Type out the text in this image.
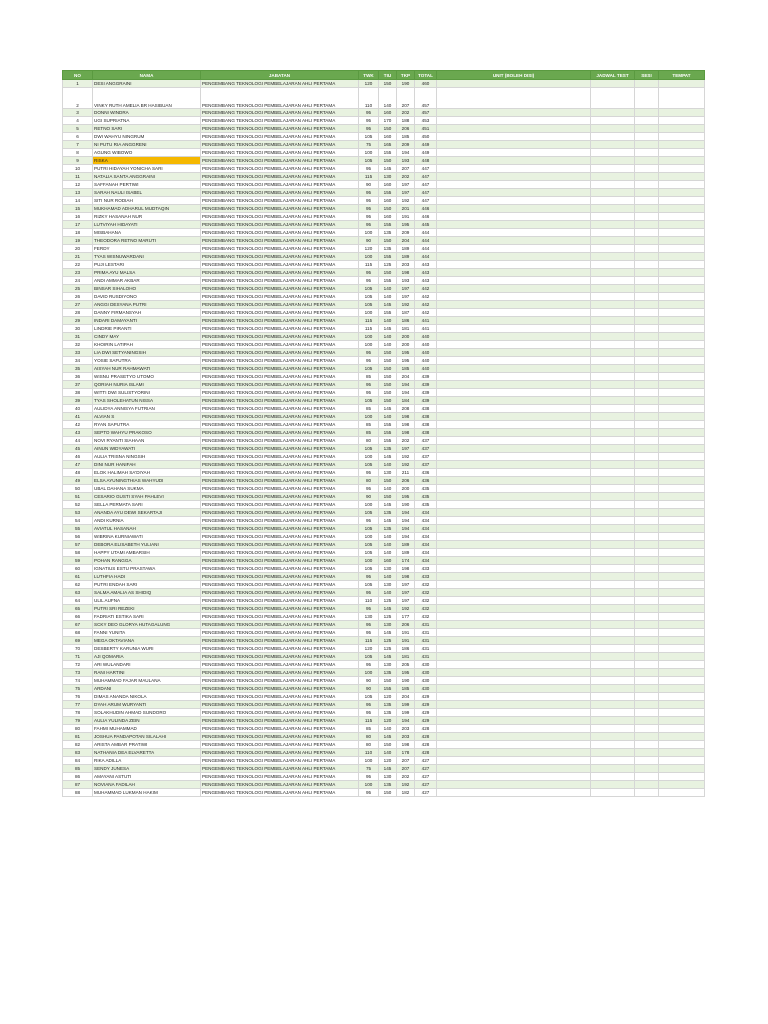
NO	NAMA	JABATAN	TWK	TIU	TKP	TOTAL	UNIT (BOLEH DISI)	JADWAL TEST	SESI	TEMPAT
1	DESI ANGGRAINI	PENGEMBANG TEKNOLOGI PEMBELAJARAN AHLI PERTAMA	120	150	190	460				
2	VINKY RUTH AMELIA BR HASIBUAN	PENGEMBANG TEKNOLOGI PEMBELAJARAN AHLI PERTAMA	110	140	207	457				
3	DONNI WINDRA	PENGEMBANG TEKNOLOGI PEMBELAJARAN AHLI PERTAMA	95	160	202	457				
4	UGI SUPRIATNA	PENGEMBANG TEKNOLOGI PEMBELAJARAN AHLI PERTAMA	95	170	188	453				
5	RETNO SARI	PENGEMBANG TEKNOLOGI PEMBELAJARAN AHLI PERTAMA	95	150	206	451				
6	DWI WAHYU NINGRUM	PENGEMBANG TEKNOLOGI PEMBELAJARAN AHLI PERTAMA	105	160	185	450				
7	NI PUTU RIA ANGGRENI	PENGEMBANG TEKNOLOGI PEMBELAJARAN AHLI PERTAMA	75	165	209	449				
8	AGUNG WIBOWO	PENGEMBANG TEKNOLOGI PEMBELAJARAN AHLI PERTAMA	100	155	194	449				
9	RISKA	PENGEMBANG TEKNOLOGI PEMBELAJARAN AHLI PERTAMA	105	150	193	448				
10	PUTRI HIDAYAH YONICHA SARI	PENGEMBANG TEKNOLOGI PEMBELAJARAN AHLI PERTAMA	95	145	207	447				
11	NATALIA SANTA ANGGRAINI	PENGEMBANG TEKNOLOGI PEMBELAJARAN AHLI PERTAMA	115	130	202	447				
12	SAFFANAH PERTIWI	PENGEMBANG TEKNOLOGI PEMBELAJARAN AHLI PERTAMA	90	160	197	447				
13	SARAH NAULI ISABEL	PENGEMBANG TEKNOLOGI PEMBELAJARAN AHLI PERTAMA	95	155	197	447				
14	SITI NUR RODIAH	PENGEMBANG TEKNOLOGI PEMBELAJARAN AHLI PERTAMA	95	160	192	447				
15	MUKHAMAD ADHARUL MUDTAQIN	PENGEMBANG TEKNOLOGI PEMBELAJARAN AHLI PERTAMA	95	150	201	446				
16	RIZKY HASANAH NUR	PENGEMBANG TEKNOLOGI PEMBELAJARAN AHLI PERTAMA	95	160	191	446				
17	LUTVIYAH HIDAYATI	PENGEMBANG TEKNOLOGI PEMBELAJARAN AHLI PERTAMA	95	155	195	445				
18	MISBAHANA	PENGEMBANG TEKNOLOGI PEMBELAJARAN AHLI PERTAMA	100	135	209	444				
19	THEODORA RETNO MARUTI	PENGEMBANG TEKNOLOGI PEMBELAJARAN AHLI PERTAMA	90	150	204	444				
20	FERDY	PENGEMBANG TEKNOLOGI PEMBELAJARAN AHLI PERTAMA	120	135	189	444				
21	TYAS WISNUWARDANI	PENGEMBANG TEKNOLOGI PEMBELAJARAN AHLI PERTAMA	100	155	189	444				
22	PUJI LESTARI	PENGEMBANG TEKNOLOGI PEMBELAJARAN AHLI PERTAMA	115	125	203	443				
23	PRIMA AYU MALSA	PENGEMBANG TEKNOLOGI PEMBELAJARAN AHLI PERTAMA	95	150	198	443				
24	ANDI AMMAR AKBAR	PENGEMBANG TEKNOLOGI PEMBELAJARAN AHLI PERTAMA	95	155	193	443				
25	BINSAR SIHALOHO	PENGEMBANG TEKNOLOGI PEMBELAJARAN AHLI PERTAMA	105	140	197	442				
26	DAVID RUSDIYONO	PENGEMBANG TEKNOLOGI PEMBELAJARAN AHLI PERTAMA	105	140	197	442				
27	ANGGI DESYANA PUTRI	PENGEMBANG TEKNOLOGI PEMBELAJARAN AHLI PERTAMA	105	145	192	442				
28	DANNY FIRMANSYAH	PENGEMBANG TEKNOLOGI PEMBELAJARAN AHLI PERTAMA	100	155	187	442				
29	INDARI DAMAYANTI	PENGEMBANG TEKNOLOGI PEMBELAJARAN AHLI PERTAMA	115	140	186	441				
30	LINDRIE PIRANTI	PENGEMBANG TEKNOLOGI PEMBELAJARAN AHLI PERTAMA	115	145	181	441				
31	CINDY MAY	PENGEMBANG TEKNOLOGI PEMBELAJARAN AHLI PERTAMA	100	140	200	440				
32	KHOIRIN LATIPAH	PENGEMBANG TEKNOLOGI PEMBELAJARAN AHLI PERTAMA	100	140	200	440				
33	LIA DWI SETYANINGSIH	PENGEMBANG TEKNOLOGI PEMBELAJARAN AHLI PERTAMA	95	150	195	440				
34	YOSIE SAFUTRA	PENGEMBANG TEKNOLOGI PEMBELAJARAN AHLI PERTAMA	95	150	195	440				
35	AISYAH NUR RAHMAWATI	PENGEMBANG TEKNOLOGI PEMBELAJARAN AHLI PERTAMA	105	150	185	440				
36	WISNU PRASETYO UTOMO	PENGEMBANG TEKNOLOGI PEMBELAJARAN AHLI PERTAMA	85	150	204	439				
37	QORIAH NURIA ISLAMI	PENGEMBANG TEKNOLOGI PEMBELAJARAN AHLI PERTAMA	95	150	194	439				
38	WITTI DWI SULISTYORINI	PENGEMBANG TEKNOLOGI PEMBELAJARAN AHLI PERTAMA	95	150	194	439				
39	TYAS SHOLEHATUN NISSA	PENGEMBANG TEKNOLOGI PEMBELAJARAN AHLI PERTAMA	105	150	184	439				
40	AULIDYA ANNISYA FUTRIAN	PENGEMBANG TEKNOLOGI PEMBELAJARAN AHLI PERTAMA	85	145	208	438				
41	ALVIAN S	PENGEMBANG TEKNOLOGI PEMBELAJARAN AHLI PERTAMA	100	140	198	438				
42	RYAN SAPUTRA	PENGEMBANG TEKNOLOGI PEMBELAJARAN AHLI PERTAMA	85	155	198	438				
43	SEPTO WAHYU PRAKOSO	PENGEMBANG TEKNOLOGI PEMBELAJARAN AHLI PERTAMA	85	155	198	438				
44	NOVI RYANTI SIAHAAN	PENGEMBANG TEKNOLOGI PEMBELAJARAN AHLI PERTAMA	80	155	202	437				
45	AINUN WIDYAWATI	PENGEMBANG TEKNOLOGI PEMBELAJARAN AHLI PERTAMA	105	135	197	437				
46	AULIA TRISNA NINGSIH	PENGEMBANG TEKNOLOGI PEMBELAJARAN AHLI PERTAMA	100	145	192	437				
47	DINI NUR HANIFAH	PENGEMBANG TEKNOLOGI PEMBELAJARAN AHLI PERTAMA	105	140	192	437				
48	ELOK HALIMAH SA'DIYAH	PENGEMBANG TEKNOLOGI PEMBELAJARAN AHLI PERTAMA	95	130	211	436				
49	ELSA AYUNINGTHIAS WAHYUDI	PENGEMBANG TEKNOLOGI PEMBELAJARAN AHLI PERTAMA	80	150	206	436				
50	UBAL DAHANA SUKMA	PENGEMBANG TEKNOLOGI PEMBELAJARAN AHLI PERTAMA	95	140	200	435				
51	CESARIO GUSTI SYAH PAHLEVI	PENGEMBANG TEKNOLOGI PEMBELAJARAN AHLI PERTAMA	90	150	195	435				
52	SELLA PERMATA SARI	PENGEMBANG TEKNOLOGI PEMBELAJARAN AHLI PERTAMA	100	145	190	435				
53	ANANDA AYU DEWI SEKARTAJI	PENGEMBANG TEKNOLOGI PEMBELAJARAN AHLI PERTAMA	105	135	194	434				
54	ANDI KURNIA	PENGEMBANG TEKNOLOGI PEMBELAJARAN AHLI PERTAMA	95	145	194	434				
55	AVIATUL HASANAH	PENGEMBANG TEKNOLOGI PEMBELAJARAN AHLI PERTAMA	105	135	194	434				
56	WIBRINA KURNIAWATI	PENGEMBANG TEKNOLOGI PEMBELAJARAN AHLI PERTAMA	100	140	194	434				
57	DEBORA ELISABETH YULIANI	PENGEMBANG TEKNOLOGI PEMBELAJARAN AHLI PERTAMA	105	140	189	434				
58	HAPPY UTAMI AMBARSIH	PENGEMBANG TEKNOLOGI PEMBELAJARAN AHLI PERTAMA	105	140	189	434				
59	POHAN RANGGA	PENGEMBANG TEKNOLOGI PEMBELAJARAN AHLI PERTAMA	100	160	174	434				
60	IGNATIUS ESTU PRASTAWA	PENGEMBANG TEKNOLOGI PEMBELAJARAN AHLI PERTAMA	105	130	198	433				
61	LUTHFIA HADI	PENGEMBANG TEKNOLOGI PEMBELAJARAN AHLI PERTAMA	95	140	198	433				
62	PUTRI ENDAH SARI	PENGEMBANG TEKNOLOGI PEMBELAJARAN AHLI PERTAMA	105	130	197	432				
63	SALMA AMALIA AS SHIDIQ	PENGEMBANG TEKNOLOGI PEMBELAJARAN AHLI PERTAMA	95	140	197	432				
64	ULIL AUFNA	PENGEMBANG TEKNOLOGI PEMBELAJARAN AHLI PERTAMA	110	125	197	432				
65	PUTRI SRI REZEKI	PENGEMBANG TEKNOLOGI PEMBELAJARAN AHLI PERTAMA	95	145	192	432				
66	FADRIATI ESTIKA SARI	PENGEMBANG TEKNOLOGI PEMBELAJARAN AHLI PERTAMA	130	125	177	432				
67	SCKY DEO GLORYA HUTAGALUNG	PENGEMBANG TEKNOLOGI PEMBELAJARAN AHLI PERTAMA	95	130	206	431				
68	FANNI YUNITA	PENGEMBANG TEKNOLOGI PEMBELAJARAN AHLI PERTAMA	95	145	191	431				
69	MEGA OKTAVIANA	PENGEMBANG TEKNOLOGI PEMBELAJARAN AHLI PERTAMA	115	125	191	431				
70	DESBERTY KARUNIA WURI	PENGEMBANG TEKNOLOGI PEMBELAJARAN AHLI PERTAMA	120	125	186	431				
71	AJI QOMARIA	PENGEMBANG TEKNOLOGI PEMBELAJARAN AHLI PERTAMA	105	145	181	431				
72	ARI WULANDARI	PENGEMBANG TEKNOLOGI PEMBELAJARAN AHLI PERTAMA	95	130	205	430				
73	RANI HARTINI	PENGEMBANG TEKNOLOGI PEMBELAJARAN AHLI PERTAMA	100	135	195	430				
74	MUHAMMAD FAJAR MAULANA	PENGEMBANG TEKNOLOGI PEMBELAJARAN AHLI PERTAMA	90	150	190	430				
75	ARDANI	PENGEMBANG TEKNOLOGI PEMBELAJARAN AHLI PERTAMA	90	155	185	430				
76	DIMAS ANANDA NIKOLA	PENGEMBANG TEKNOLOGI PEMBELAJARAN AHLI PERTAMA	105	120	204	429				
77	DYAH ARUM WURYANTI	PENGEMBANG TEKNOLOGI PEMBELAJARAN AHLI PERTAMA	95	135	199	429				
78	SOLAKHUDIN AHMAD SUNDORO	PENGEMBANG TEKNOLOGI PEMBELAJARAN AHLI PERTAMA	95	135	199	429				
79	AULIA YULINDA ZEIN	PENGEMBANG TEKNOLOGI PEMBELAJARAN AHLI PERTAMA	115	120	194	429				
80	FAHMI MUHAMMAD	PENGEMBANG TEKNOLOGI PEMBELAJARAN AHLI PERTAMA	85	140	203	428				
81	JOSHUA PANDAPOTAN SILALAHI	PENGEMBANG TEKNOLOGI PEMBELAJARAN AHLI PERTAMA	80	145	203	428				
82	ARISTA AMBAR PRATIWI	PENGEMBANG TEKNOLOGI PEMBELAJARAN AHLI PERTAMA	80	150	198	428				
83	NATHANIA DEA ELVARETTA	PENGEMBANG TEKNOLOGI PEMBELAJARAN AHLI PERTAMA	110	140	178	428				
84	RIKA ADILLA	PENGEMBANG TEKNOLOGI PEMBELAJARAN AHLI PERTAMA	100	120	207	427				
85	SENDY JUNESA	PENGEMBANG TEKNOLOGI PEMBELAJARAN AHLI PERTAMA	75	145	207	427				
86	AMAYANI ASTUTI	PENGEMBANG TEKNOLOGI PEMBELAJARAN AHLI PERTAMA	95	130	202	427				
87	NOVIANA FADILAH	PENGEMBANG TEKNOLOGI PEMBELAJARAN AHLI PERTAMA	100	135	192	427				
88	MUHAMMAD LUKMAN HAKIM	PENGEMBANG TEKNOLOGI PEMBELAJARAN AHLI PERTAMA	95	150	182	427				
